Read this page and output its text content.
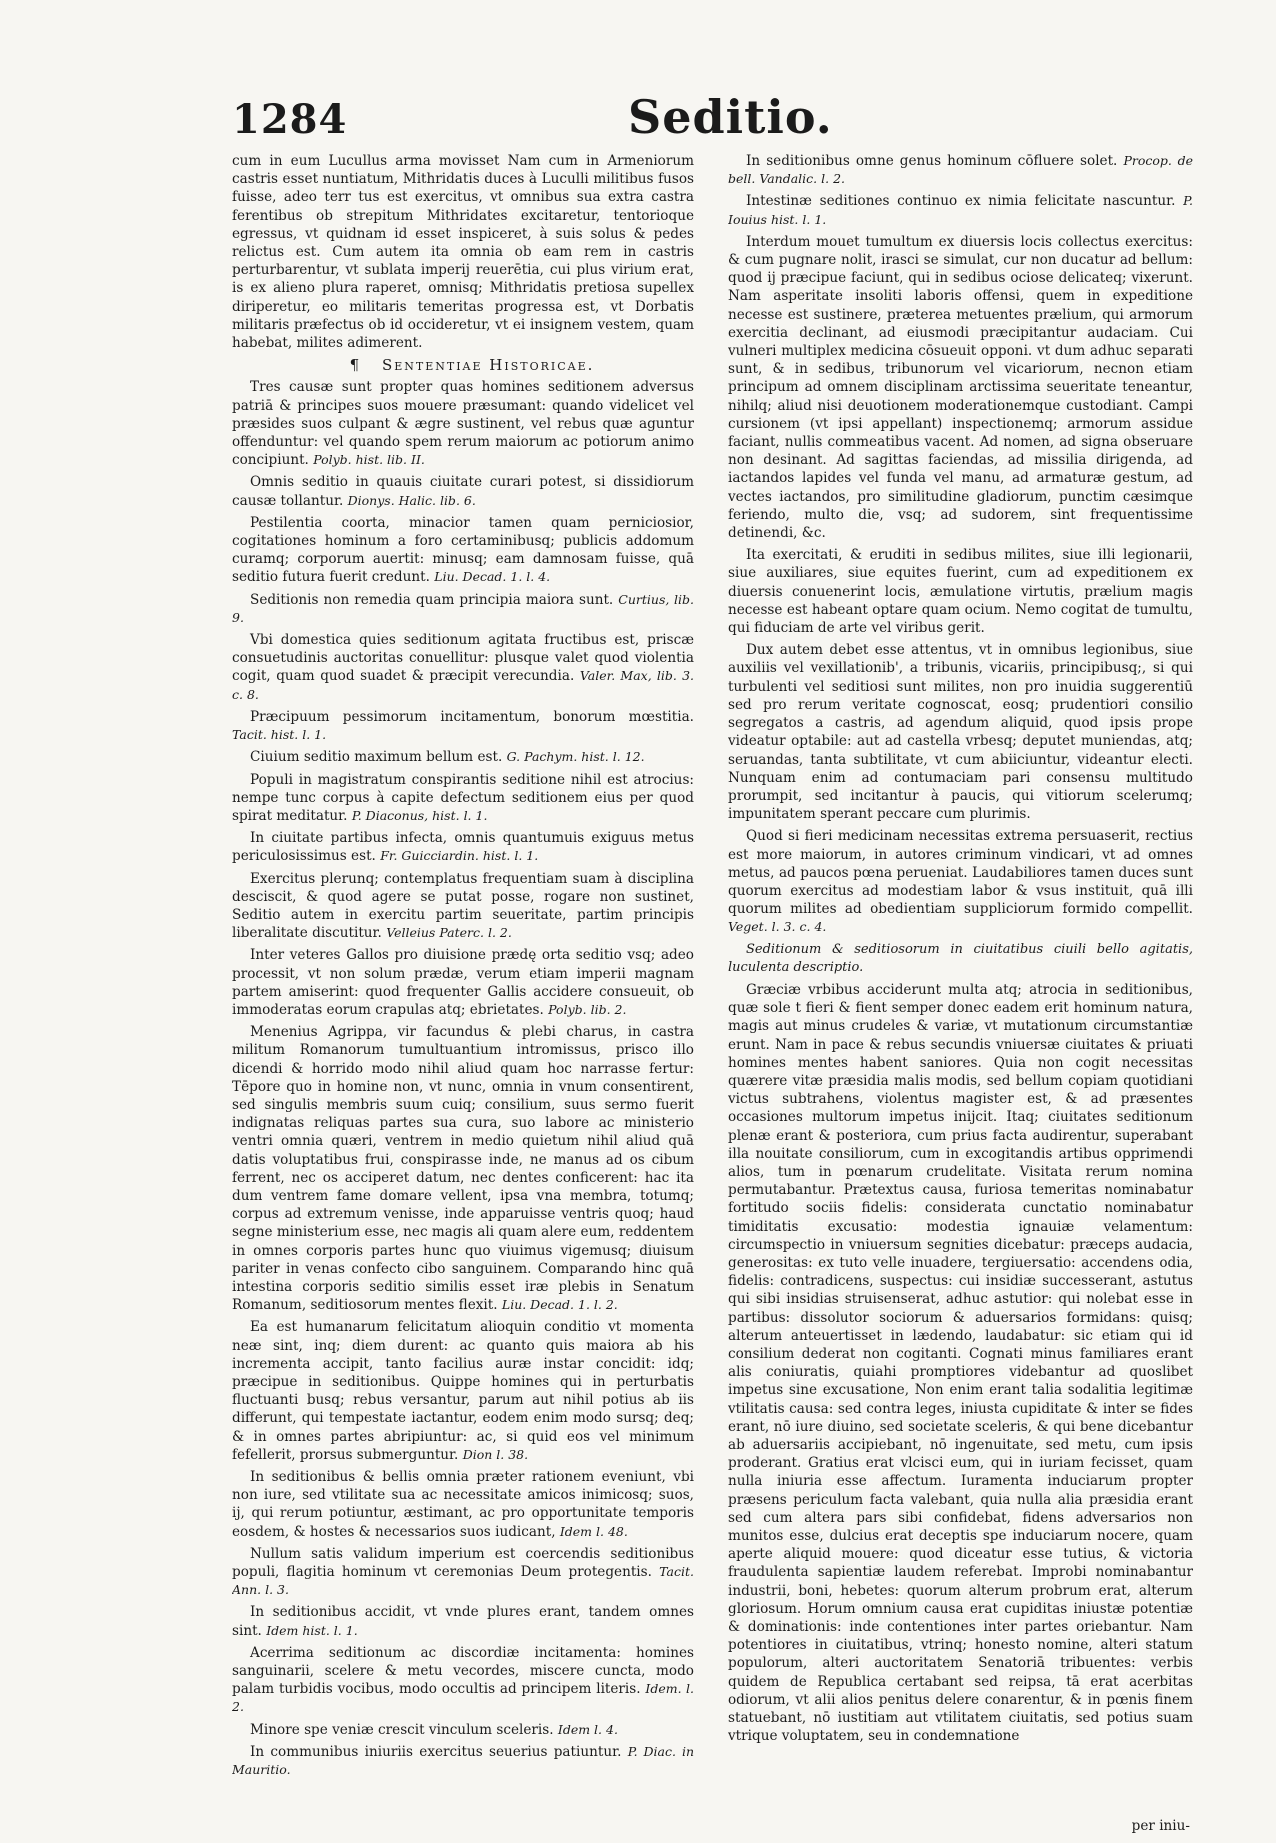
1284	Seditio.

cum in eum Lucullus arma movisset Nam cum in Armeniorum castris esset nuntiatum, Mithridatis duces à Luculli militibus fusos fuisse, adeo terr tus est exercitus, vt omnibus sua extra castra ferentibus ob strepitum Mithridates excitaretur, tentorioque egressus, vt quidnam id esset inspiceret, à suis solus & pedes relictus est. Cum autem ita omnia ob eam rem in castris perturbarentur, vt sublata imperij reuerētia, cui plus virium erat, is ex alieno plura raperet, omnisq; Mithridatis pretiosa supellex diriperetur, eo militaris temeritas progressa est, vt Dorbatis militaris præfectus ob id occideretur, vt ei insignem vestem, quam habebat, milites adimerent.

¶ Sententiae Historicae.

Tres causæ sunt propter quas homines seditionem adversus patriā & principes suos mouere præsumant: quando videlicet vel præsides suos culpant & ægre sustinent, vel rebus quæ aguntur offenduntur: vel quando spem rerum maiorum ac potiorum animo concipiunt. Polyb. hist. lib. II.

Omnis seditio in quauis ciuitate curari potest, si dissidiorum causæ tollantur. Dionys. Halic. lib. 6.

Pestilentia coorta, minacior tamen quam perniciosior, cogitationes hominum a foro certaminibusq; publicis addomum curamq; corporum auertit: minusq; eam damnosam fuisse, quā seditio futura fuerit credunt. Liu. Decad. 1. l. 4.

Seditionis non remedia quam principia maiora sunt. Curtius, lib. 9.

Vbi domestica quies seditionum agitata fructibus est, priscæ consuetudinis auctoritas conuellitur: plusque valet quod violentia cogit, quam quod suadet & præcipit verecundia. Valer. Max, lib. 3. c. 8.

Præcipuum pessimorum incitamentum, bonorum mœstitia. Tacit. hist. l. 1.

Ciuium seditio maximum bellum est. G. Pachym. hist. l. 12.

Populi in magistratum conspirantis seditione nihil est atrocius: nempe tunc corpus à capite defectum seditionem eius per quod spirat meditatur. P. Diaconus, hist. l. 1.

In ciuitate partibus infecta, omnis quantumuis exiguus metus periculosissimus est. Fr. Guicciardin. hist. l. 1.

Exercitus plerunq; contemplatus frequentiam suam à disciplina desciscit, & quod agere se putat posse, rogare non sustinet, Seditio autem in exercitu partim seueritate, partim principis liberalitate discutitur. Velleius Paterc. l. 2.

Inter veteres Gallos pro diuisione prædę orta seditio vsq; adeo processit, vt non solum prædæ, verum etiam imperii magnam partem amiserint: quod frequenter Gallis accidere consueuit, ob immoderatas eorum crapulas atq; ebrietates. Polyb. lib. 2.

Menenius Agrippa, vir facundus & plebi charus, in castra militum Romanorum tumultuantium intromissus, prisco illo dicendi & horrido modo nihil aliud quam hoc narrasse fertur: Tēpore quo in homine non, vt nunc, omnia in vnum consentirent, sed singulis membris suum cuiq; consilium, suus sermo fuerit indignatas reliquas partes sua cura, suo labore ac ministerio ventri omnia quæri, ventrem in medio quietum nihil aliud quā datis voluptatibus frui, conspirasse inde, ne manus ad os cibum ferrent, nec os acciperet datum, nec dentes conficerent: hac ita dum ventrem fame domare vellent, ipsa vna membra, totumq; corpus ad extremum venisse, inde apparuisse ventris quoq; haud segne ministerium esse, nec magis ali quam alere eum, reddentem in omnes corporis partes hunc quo viuimus vigemusq; diuisum pariter in venas confecto cibo sanguinem. Comparando hinc quā intestina corporis seditio similis esset iræ plebis in Senatum Romanum, seditiosorum mentes flexit. Liu. Decad. 1. l. 2.

Ea est humanarum felicitatum alioquin conditio vt momenta neæ sint, inq; diem durent: ac quanto quis maiora ab his incrementa accipit, tanto facilius auræ instar concidit: idq; præcipue in seditionibus. Quippe homines qui in perturbatis fluctuanti busq; rebus versantur, parum aut nihil potius ab iis differunt, qui tempestate iactantur, eodem enim modo sursq; deq; & in omnes partes abripiuntur: ac, si quid eos vel minimum fefellerit, prorsus submerguntur. Dion l. 38.

In seditionibus & bellis omnia præter rationem eveniunt, vbi non iure, sed vtilitate sua ac necessitate amicos inimicosq; suos, ij, qui rerum potiuntur, æstimant, ac pro opportunitate temporis eosdem, & hostes & necessarios suos iudicant, Idem l. 48.

Nullum satis validum imperium est coercendis seditionibus populi, flagitia hominum vt ceremonias Deum protegentis. Tacit. Ann. l. 3.

In seditionibus accidit, vt vnde plures erant, tandem omnes sint. Idem hist. l. 1.

Acerrima seditionum ac discordiæ incitamenta: homines sanguinarii, scelere & metu vecordes, miscere cuncta, modo palam turbidis vocibus, modo occultis ad principem literis. Idem. l. 2.

Minore spe veniæ crescit vinculum sceleris. Idem l. 4.

In communibus iniuriis exercitus seuerius patiuntur. P. Diac. in Mauritio.

In seditionibus omne genus hominum cōfluere solet. Procop. de bell. Vandalic. l. 2.

Intestinæ seditiones continuo ex nimia felicitate nascuntur. P. Iouius hist. l. 1.

Interdum mouet tumultum ex diuersis locis collectus exercitus: & cum pugnare nolit, irasci se simulat, cur non ducatur ad bellum: quod ij præcipue faciunt, qui in sedibus ociose delicateq; vixerunt. Nam asperitate insoliti laboris offensi, quem in expeditione necesse est sustinere, præterea metuentes prælium, qui armorum exercitia declinant, ad eiusmodi præcipitantur audaciam. Cui vulneri multiplex medicina cōsueuit opponi. vt dum adhuc separati sunt, & in sedibus, tribunorum vel vicariorum, necnon etiam principum ad omnem disciplinam arctissima seueritate teneantur, nihilq; aliud nisi deuotionem moderationemque custodiant. Campi cursionem (vt ipsi appellant) inspectionemq; armorum assidue faciant, nullis commeatibus vacent. Ad nomen, ad signa obseruare non desinant. Ad sagittas faciendas, ad missilia dirigenda, ad iactandos lapides vel funda vel manu, ad armaturæ gestum, ad vectes iactandos, pro similitudine gladiorum, punctim cæsimque feriendo, multo die, vsq; ad sudorem, sint frequentissime detinendi, &c.

Ita exercitati, & eruditi in sedibus milites, siue illi legionarii, siue auxiliares, siue equites fuerint, cum ad expeditionem ex diuersis conuenerint locis, æmulatione virtutis, prælium magis necesse est habeant optare quam ocium. Nemo cogitat de tumultu, qui fiduciam de arte vel viribus gerit.

Dux autem debet esse attentus, vt in omnibus legionibus, siue auxiliis vel vexillationib', a tribunis, vicariis, principibusq;, si qui turbulenti vel seditiosi sunt milites, non pro inuidia suggerentiū sed pro rerum veritate cognoscat, eosq; prudentiori consilio segregatos a castris, ad agendum aliquid, quod ipsis prope videatur optabile: aut ad castella vrbesq; deputet muniendas, atq; seruandas, tanta subtilitate, vt cum abiiciuntur, videantur electi. Nunquam enim ad contumaciam pari consensu multitudo prorumpit, sed incitantur à paucis, qui vitiorum scelerumq; impunitatem sperant peccare cum plurimis.

Quod si fieri medicinam necessitas extrema persuaserit, rectius est more maiorum, in autores criminum vindicari, vt ad omnes metus, ad paucos pœna perueniat. Laudabiliores tamen duces sunt quorum exercitus ad modestiam labor & vsus instituit, quā illi quorum milites ad obedientiam suppliciorum formido compellit. Veget. l. 3. c. 4.

Seditionum & seditiosorum in ciuitatibus ciuili bello agitatis, luculenta descriptio.

Græciæ vrbibus acciderunt multa atq; atrocia in seditionibus, quæ sole t fieri & fient semper donec eadem erit hominum natura, magis aut minus crudeles & variæ, vt mutationum circumstantiæ erunt. Nam in pace & rebus secundis vniuersæ ciuitates & priuati homines mentes habent saniores. Quia non cogit necessitas quærere vitæ præsidia malis modis, sed bellum copiam quotidiani victus subtrahens, violentus magister est, & ad præsentes occasiones multorum impetus inijcit. Itaq; ciuitates seditionum plenæ erant & posteriora, cum prius facta audirentur, superabant illa nouitate consiliorum, cum in excogitandis artibus opprimendi alios, tum in pœnarum crudelitate. Visitata rerum nomina permutabantur. Prætextus causa, furiosa temeritas nominabatur fortitudo sociis fidelis: considerata cunctatio nominabatur timiditatis excusatio: modestia ignauiæ velamentum: circumspectio in vniuersum segnities dicebatur: præceps audacia, generositas: ex tuto velle inuadere, tergiuersatio: accendens odia, fidelis: contradicens, suspectus: cui insidiæ successerant, astutus qui sibi insidias struisenserat, adhuc astutior: qui nolebat esse in partibus: dissolutor sociorum & aduersarios formidans: quisq; alterum anteuertisset in lædendo, laudabatur: sic etiam qui id consilium dederat non cogitanti. Cognati minus familiares erant alis coniuratis, quiahi promptiores videbantur ad quoslibet impetus sine excusatione, Non enim erant talia sodalitia legitimæ vtilitatis causa: sed contra leges, iniusta cupiditate & inter se fides erant, nō iure diuino, sed societate sceleris, & qui bene dicebantur ab aduersariis accipiebant, nō ingenuitate, sed metu, cum ipsis proderant. Gratius erat vlcisci eum, qui in iuriam fecisset, quam nulla iniuria esse affectum. Iuramenta induciarum propter præsens periculum facta valebant, quia nulla alia præsidia erant sed cum altera pars sibi confidebat, fidens adversarios non munitos esse, dulcius erat deceptis spe induciarum nocere, quam aperte aliquid mouere: quod diceatur esse tutius, & victoria fraudulenta sapientiæ laudem referebat. Improbi nominabantur industrii, boni, hebetes: quorum alterum probrum erat, alterum gloriosum. Horum omnium causa erat cupiditas iniustæ potentiæ & dominationis: inde contentiones inter partes oriebantur. Nam potentiores in ciuitatibus, vtrinq; honesto nomine, alteri statum populorum, alteri auctoritatem Senatoriā tribuentes: verbis quidem de Republica certabant sed reipsa, tā erat acerbitas odiorum, vt alii alios penitus delere conarentur, & in pœnis finem statuebant, nō iustitiam aut vtilitatem ciuitatis, sed potius suam vtrique voluptatem, seu in condemnatione

per iniu-
